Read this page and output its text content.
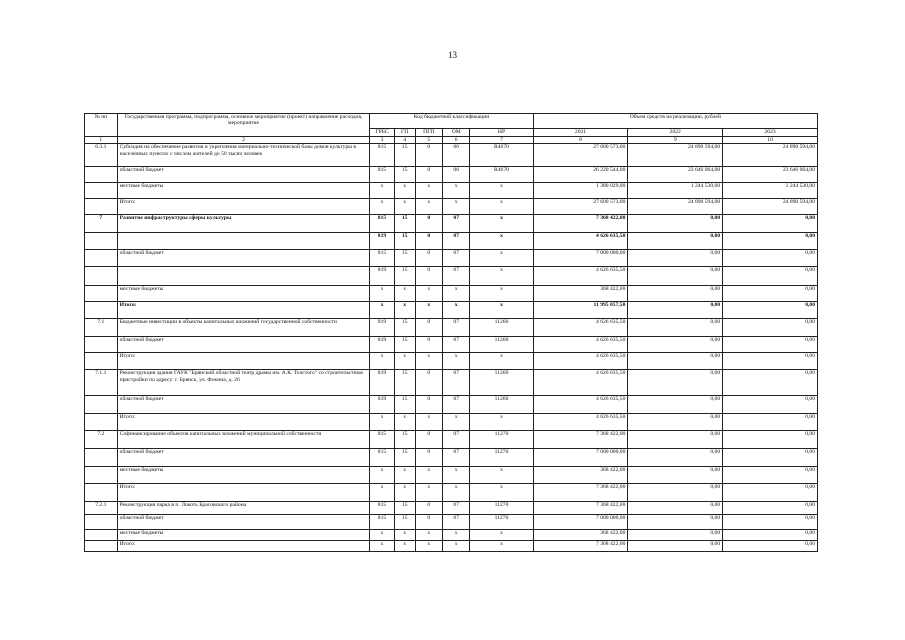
13
№ пп	Государственная программа, подпрограмма, основное мероприятие (проект) направление расходов, мероприятие	Код бюджетной классификации					Объем средств на реализацию, рублей		
		ГРБС	ГП	ПГП	ОМ	НР	2021	2022	2023
1	2	3	4	5	6	7	8	9	10
6.3.1	Субсидия на обеспечение развития и укрепления материально-технической базы домов культуры в населенных пунктах с числом жителей до 50 тысяч человек	815	15	0	06	R4670	27 600 573,00	24 890 594,00	24 890 594,00
	областной бюджет	815	15	0	06	R4670	26 220 544,00	23 646 064,00	23 646 064,00
	местные бюджеты	х	х	х	х	х	1 380 029,00	1 244 530,00	1 244 530,00
	Итого:	х	х	х	х	х	27 600 573,00	24 890 594,00	24 890 594,00
7	Развитие инфраструктуры сферы культуры	815	15	0	07	х	7 368 422,00	0,00	0,00
		819	15	0	07	х	4 626 635,50	0,00	0,00
	областной бюджет	815	15	0	07	х	7 000 000,00	0,00	0,00
		819	15	0	07	х	4 626 635,50	0,00	0,00
	местные бюджеты	х	х	х	х	х	368 422,00	0,00	0,00
	Итого:	х	х	х	х	х	11 995 057,50	0,00	0,00
7.1	Бюджетные инвестиции в объекты капитальных вложений государственной собственности	819	15	0	07	11260	4 626 635,50	0,00	0,00
	областной бюджет	819	15	0	07	11260	4 626 635,50	0,00	0,00
	Итого:	х	х	х	х	х	4 626 635,50	0,00	0,00
7.1.1	Реконструкция здания ГАУК "Брянский областной театр драмы им. А.К. Толстого" со строительством пристройки по адресу: г. Брянск, ул. Фокина, д. 26	819	15	0	07	11260	4 626 635,50	0,00	0,00
	областной бюджет	819	15	0	07	11260	4 626 635,50	0,00	0,00
	Итого:	х	х	х	х	х	4 626 635,50	0,00	0,00
7.2	Софинансирование объектов капитальных вложений муниципальной собственности	815	15	0	07	11270	7 368 422,00	0,00	0,00
	областной бюджет	815	15	0	07	11270	7 000 000,00	0,00	0,00
	местные бюджеты	х	х	х	х	х	368 422,00	0,00	0,00
	Итого:	х	х	х	х	х	7 368 422,00	0,00	0,00
7.2.1	Реконструкция парка в п. Локоть Брасовского района	815	15	0	07	11270	7 368 422,00	0,00	0,00
	областной бюджет	815	15	0	07	11270	7 000 000,00	0,00	0,00
	местные бюджеты	х	х	х	х	х	368 422,00	0,00	0,00
	Итого:	х	х	х	х	х	7 368 422,00	0,00	0,00
